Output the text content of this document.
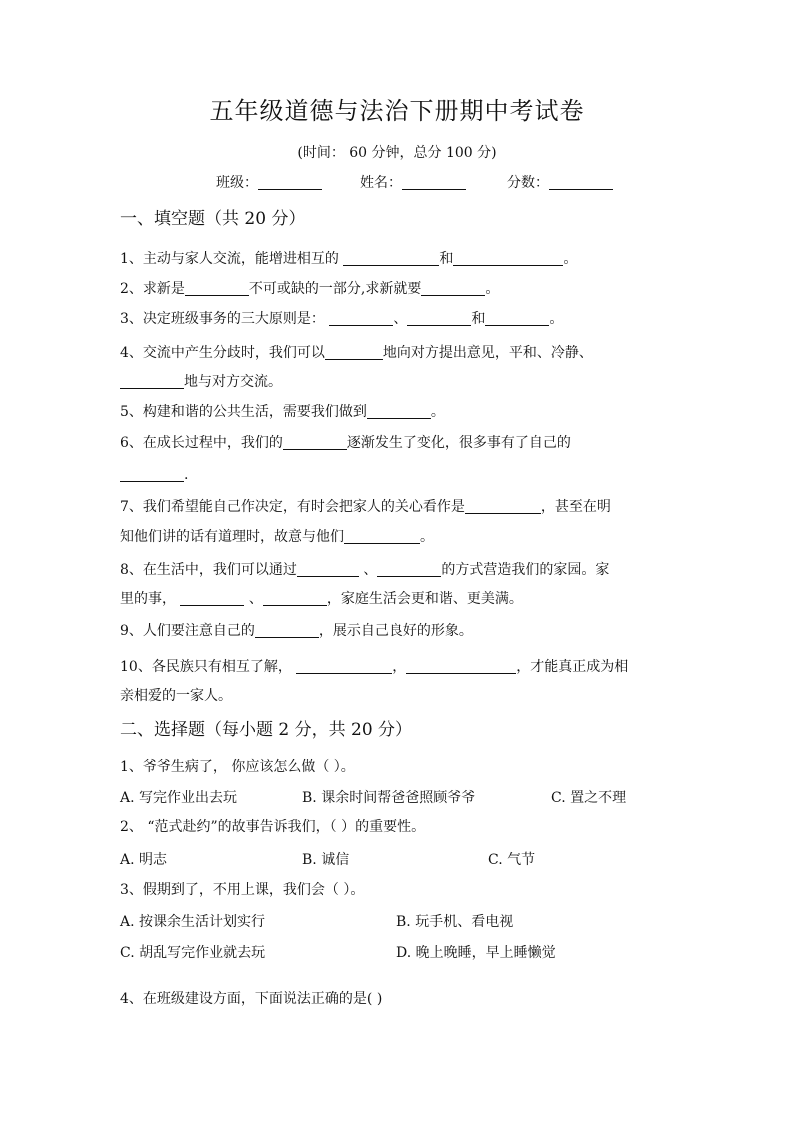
五年级道德与法治下册期中考试卷
(时间： 60 分钟，总分 100 分)
班级：	姓名：	分数：
一、填空题（共 20 分）
1、主动与家人交流，能增进相互的	和	。
2、求新是	不可或缺的一部分,求新就要	。
3、决定班级事务的三大原则是：	、	和	。
4、交流中产生分歧时，我们可以	地向对方提出意见，平和、冷静、
地与对方交流。
5、构建和谐的公共生活，需要我们做到	。
6、在成长过程中，我们的	逐渐发生了变化，很多事有了自己的
.
7、我们希望能自己作决定，有时会把家人的关心看作是	，甚至在明
知他们讲的话有道理时，故意与他们	。
8、在生活中，我们可以通过	、	的方式营造我们的家园。家
里的事，	、	，家庭生活会更和谐、更美满。
9、人们要注意自己的	，展示自己良好的形象。
10、各民族只有相互了解，	，	，才能真正成为相
亲相爱的一家人。
二、选择题（每小题 2 分，共 20 分）
1、爷爷生病了， 你应该怎么做（ ）。
A. 写完作业出去玩	B. 课余时间帮爸爸照顾爷爷	C. 置之不理
2、 “范式赴约”的故事告诉我们，（ ）的重要性。
A. 明志	B. 诚信	C. 气节
3、假期到了，不用上课，我们会（ ）。
A. 按课余生活计划实行	B. 玩手机、看电视
C. 胡乱写完作业就去玩	D. 晚上晚睡，早上睡懒觉
4、在班级建设方面，下面说法正确的是( )
